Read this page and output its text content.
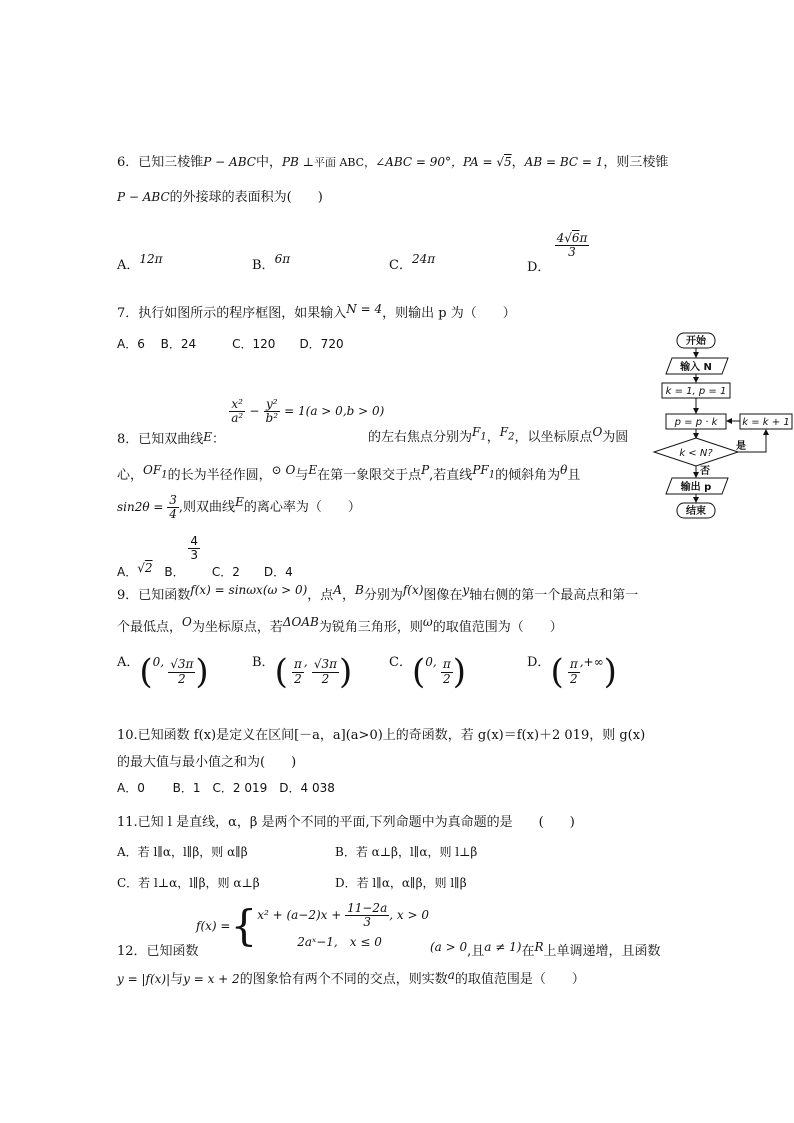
6．已知三棱锥P − ABC中，PB ⊥平面 ABC，∠ABC = 90°，PA = √5，AB = BC = 1，则三棱锥
P − ABC的外接球的表面积为(　　)
A．12π	B．6π	C．24π
D．
$\frac{4√6\pi}{3}$
7．执行如图所示的程序框图，如果输入N = 4，则输出 p 为（　　）
A．6　 B．24　　　C．120　　D．720	开始
输入 N
k = 1, p = 1
p = p · k k = k + 1
k < N?
是
否
输出 p
结束
8．已知双曲线E：
$\frac{\text{x²}}{\text{a²}} - \frac{\text{y²}}{\text{b²}} = 1(a > 0,b > 0)$
的左右焦点分别为$F_1$，$F_2$，以坐标原点O为圆
心，$OF_1$的长为半径作圆，⊙ O与E在第一象限交于点P,若直线$PF_1$的倾斜角为θ且
$\sin 2\theta = \frac{3}{4}$ ,则双曲线E的离心率为（　　）
A．√2 B．
$\frac{4}{3}$
C．2　　D．4
9．已知函数f(x) = sinωx(ω > 0)，点A，B分别为f(x)图像在y轴右侧的第一个最高点和第一
个最低点，O为坐标原点，若ΔOAB为锐角三角形，则ω的取值范围为（　　）
A．(0, $\frac{√3\pi}{2}$ )	B．( $\frac{\pi}{2}$ , $\frac{√3\pi}{2}$ )	C．(0, $\frac{\pi}{2}$ )	D．( $\frac{\pi}{2}$ ,+∞)
10.已知函数 f(x)是定义在区间[－a，a](a>0)上的奇函数，若 g(x)＝f(x)＋2 019，则 g(x)
的最大值与最小值之和为(　　)
A．0　　 B．1　C．2 019　D．4 038
11.已知 l 是直线，α，β 是两个不同的平面,下列命题中为真命题的是　　(　　)
A．若 l∥α，l∥β，则 α∥β	B．若 α⊥β，l∥α，则 l⊥β
C．若 l⊥α，l∥β，则 α⊥β	D．若 l∥α，α∥β，则 l∥β
f(x) = { $x^2 + (a-2)x + \frac{11-2a}{3}$ , x > 0
2aˣ−1,　x ≤ 0
12．已知函数	(a > 0,且a ≠ 1)在R上单调递增，且函数
y = |f(x)|与y = x + 2的图象恰有两个不同的交点，则实数a的取值范围是（　　）
